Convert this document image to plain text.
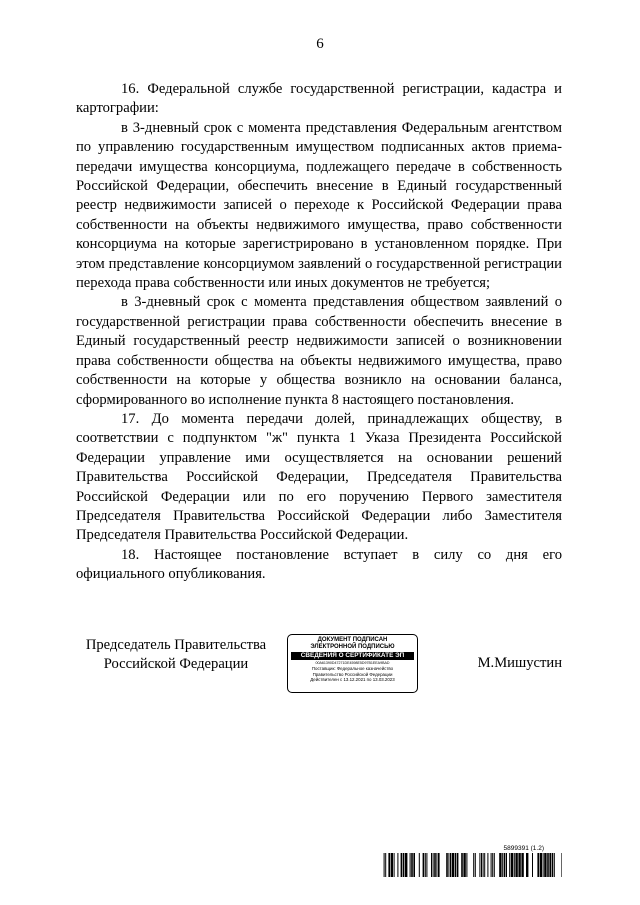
6

16. Федеральной службе государственной регистрации, кадастра и картографии:

в 3-дневный срок с момента представления Федеральным агентством по управлению государственным имуществом подписанных актов приема-передачи имущества консорциума, подлежащего передаче в собственность Российской Федерации, обеспечить внесение в Единый государственный реестр недвижимости записей о переходе к Российской Федерации права собственности на объекты недвижимого имущества, право собственности консорциума на которые зарегистрировано в установленном порядке. При этом представление консорциумом заявлений о государственной регистрации перехода права собственности или иных документов не требуется;

в 3-дневный срок с момента представления обществом заявлений о государственной регистрации права собственности обеспечить внесение в Единый государственный реестр недвижимости записей о возникновении права собственности общества на объекты недвижимого имущества, право собственности на которые у общества возникло на основании баланса, сформированного во исполнение пункта 8 настоящего постановления.

17. До момента передачи долей, принадлежащих обществу, в соответствии с подпунктом "ж" пункта 1 Указа Президента Российской Федерации управление ими осуществляется на основании решений Правительства Российской Федерации, Председателя Правительства Российской Федерации или по его поручению Первого заместителя Председателя Правительства Российской Федерации либо Заместителя Председателя Правительства Российской Федерации.

18. Настоящее постановление вступает в силу со дня его официального опубликования.

Председатель Правительства
Российской Федерации
ДОКУМЕНТ ПОДПИСАН
ЭЛЕКТРОННОЙ ПОДПИСЬЮ
СВЕДЕНИЯ О СЕРТИФИКАТЕ ЭП
00A61390D47271DE4598E5D97B1EEA9BAD
Поставщик: Федеральное казначейство
Правительство Российской Федерации
Действителен с 13.12.2021 по 13.03.2023
М.Мишустин
5899391 (1.2)
